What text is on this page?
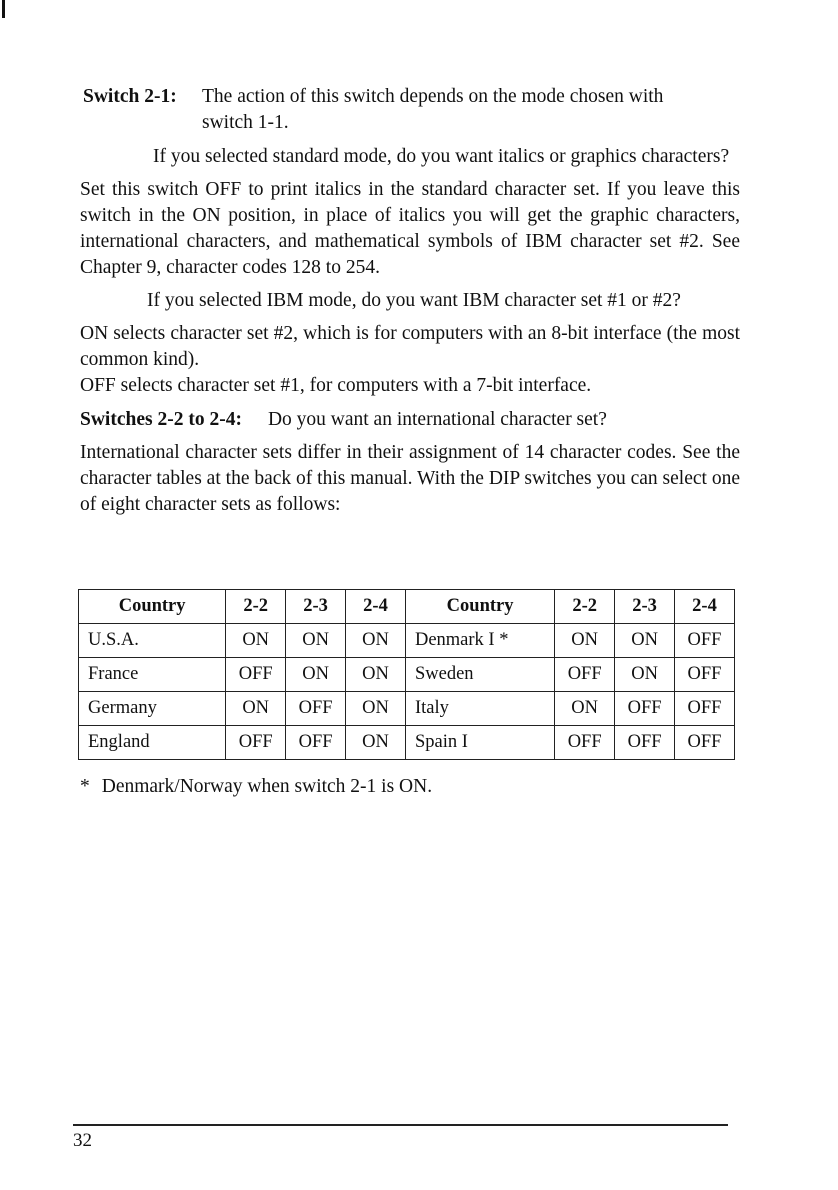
Switch 2-1: The action of this switch depends on the mode chosen with
switch 1-1.
If you selected standard mode, do you want italics or graphics characters?
Set this switch OFF to print italics in the standard character set. If you leave this switch in the ON position, in place of italics you will get the graphic characters, international characters, and mathematical symbols of IBM character set #2. See Chapter 9, character codes 128 to 254.
If you selected IBM mode, do you want IBM character set #1 or #2?
ON selects character set #2, which is for computers with an 8-bit interface (the most common kind).
OFF selects character set #1, for computers with a 7-bit interface.
Switches 2-2 to 2-4: Do you want an international character set?
International character sets differ in their assignment of 14 character codes. See the character tables at the back of this manual. With the DIP switches you can select one of eight character sets as follows:
Country	2-2	2-3	2-4	Country	2-2	2-3	2-4
U.S.A.	ON	ON	ON	Denmark I *	ON	ON	OFF
France	OFF	ON	ON	Sweden	OFF	ON	OFF
Germany	ON	OFF	ON	Italy	ON	OFF	OFF
England	OFF	OFF	ON	Spain I	OFF	OFF	OFF
* Denmark/Norway when switch 2-1 is ON.
32
